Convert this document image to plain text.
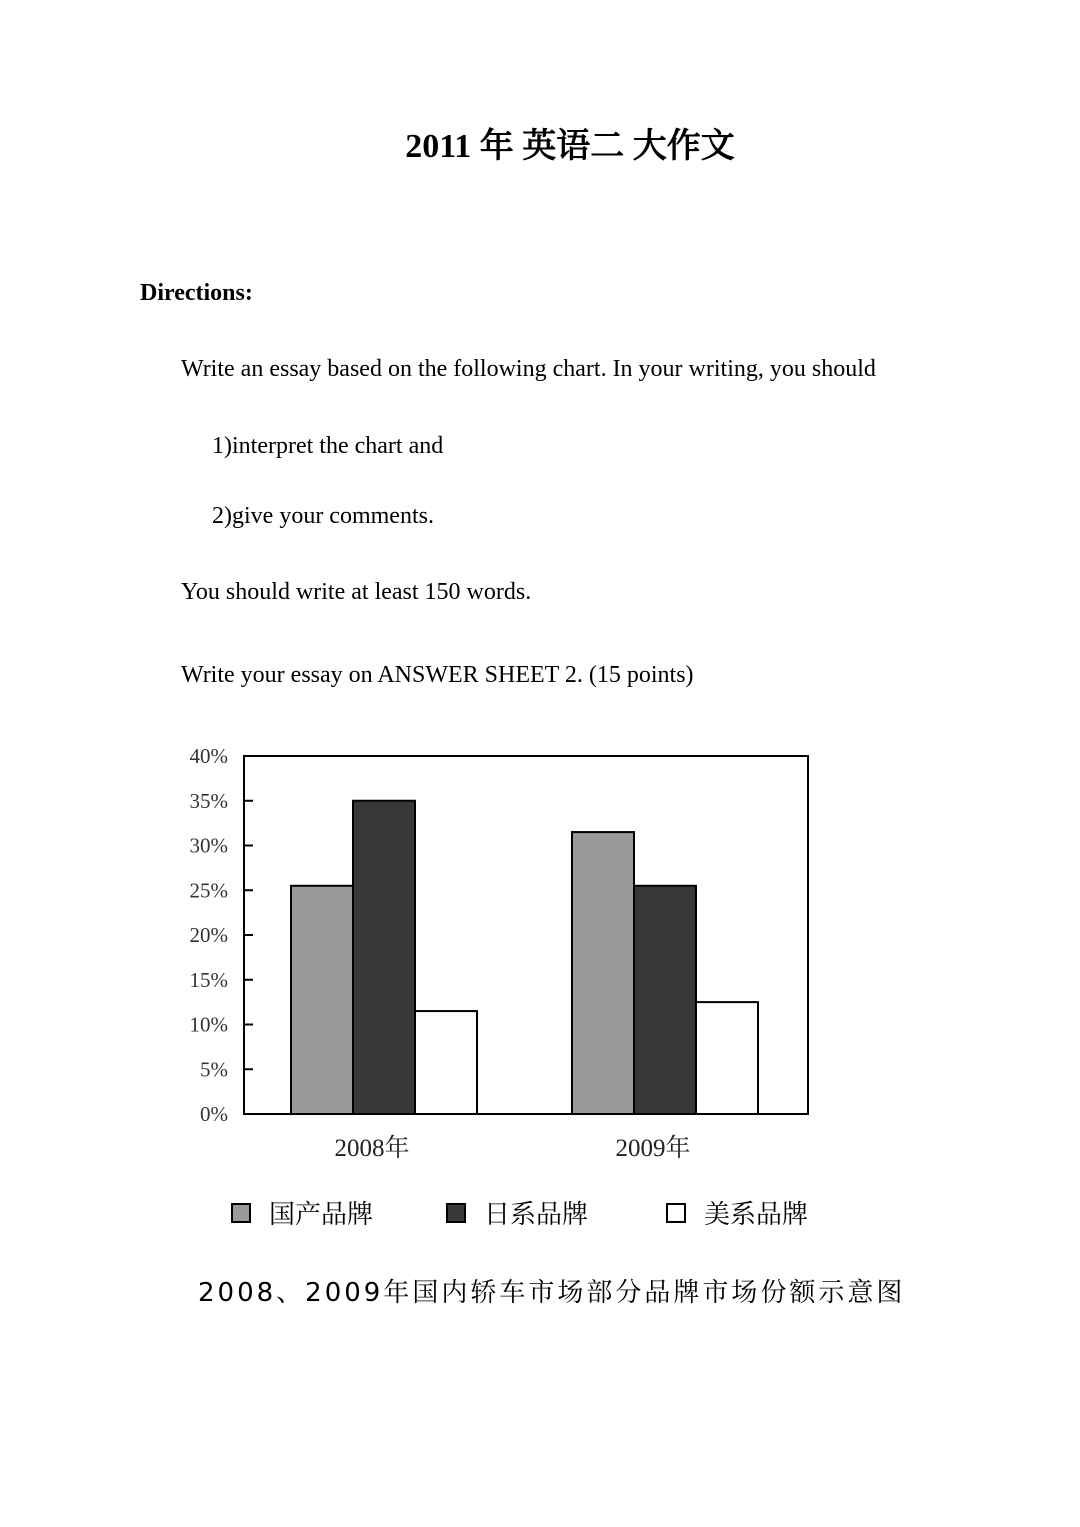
2011 年 英语二 大作文
Directions:
Write an essay based on the following chart. In your writing, you should
1)interpret the chart and
2)give your comments.
You should write at least 150 words.
Write your essay on ANSWER SHEET 2. (15 points)
0%
5%
10%
15%
20%
25%
30%
35%
40%
2008年	2009年
国产品牌	日系品牌	美系品牌
2008、2009年国内轿车市场部分品牌市场份额示意图
